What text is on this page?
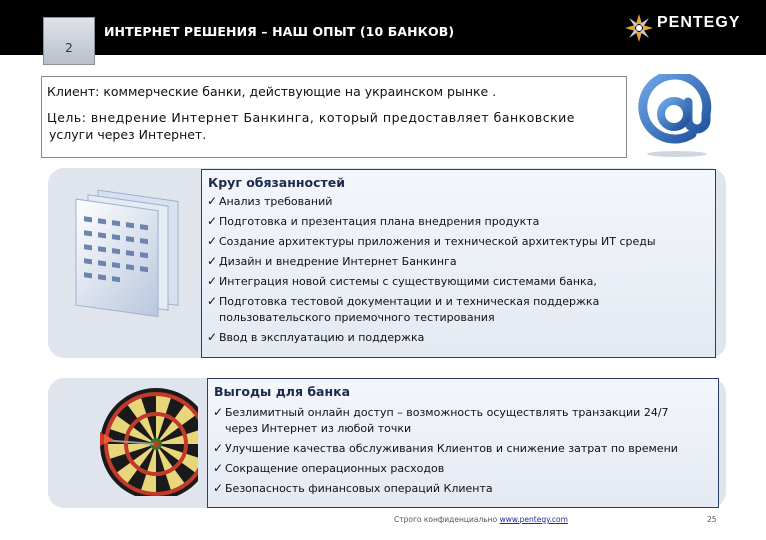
2
ИНТЕРНЕТ РЕШЕНИЯ – НАШ ОПЫТ (10 БАНКОВ)
PENTEGY
Клиент: коммерческие банки, действующие на украинском рынке .
Цель: внедрение Интернет Банкинга, который предоставляет банковские
услуги через Интернет.
Круг обязанностей
✓ Анализ требований
✓ Подготовка и презентация плана внедрения продукта
✓ Создание архитектуры приложения и технической архитектуры ИТ среды
✓ Дизайн и внедрение Интернет Банкинга
✓ Интеграция новой системы с существующими системами банка,
✓ Подготовка тестовой документации и и техническая поддержка
пользовательского приемочного тестирования
✓ Ввод в эксплуатацию и поддержка
Выгоды для банка
✓ Безлимитный онлайн доступ – возможность осуществлять транзакции 24/7
через Интернет из любой точки
✓ Улучшение качества обслуживания Клиентов и снижение затрат по времени
✓ Сокращение операционных расходов
✓ Безопасность финансовых операций Клиента
Строго конфиденциально www.pentegy.com	25
